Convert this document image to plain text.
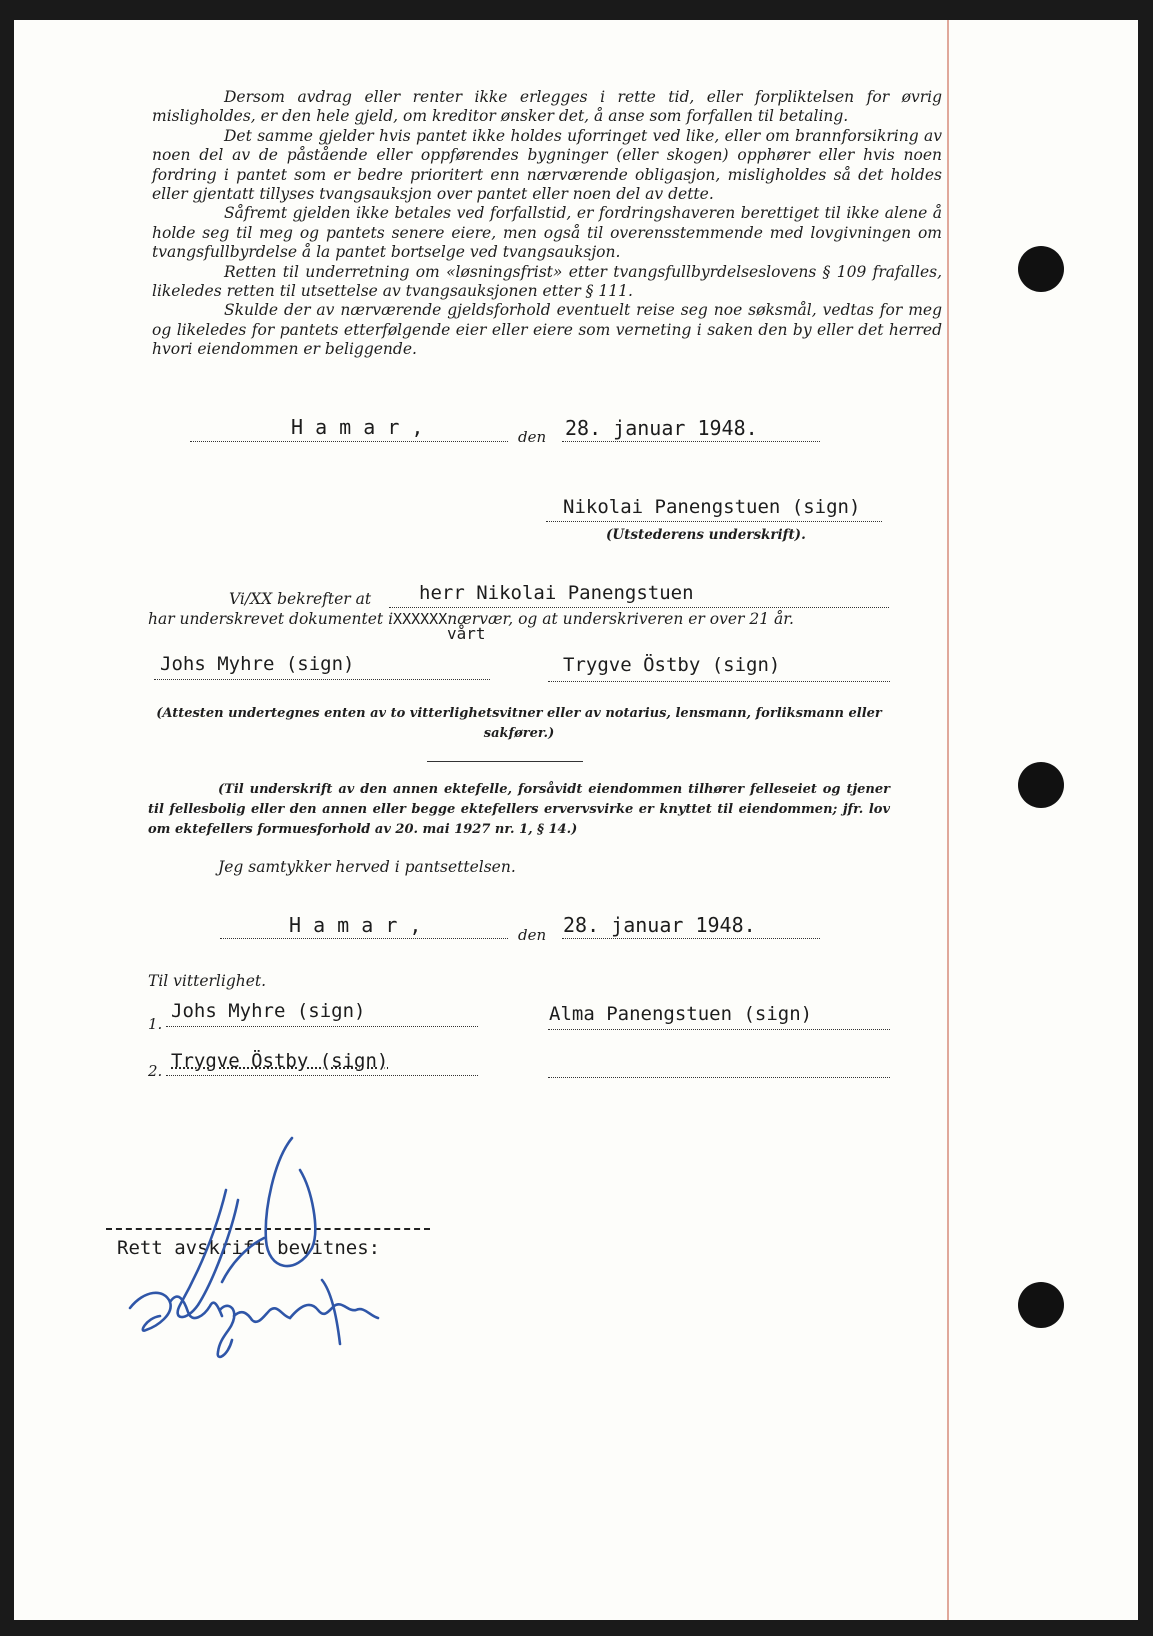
Dersom avdrag eller renter ikke erlegges i rette tid, eller forpliktelsen for øvrig misligholdes, er den hele gjeld, om kreditor ønsker det, å anse som forfallen til betaling.

Det samme gjelder hvis pantet ikke holdes uforringet ved like, eller om brannforsikring av noen del av de påstående eller oppførendes bygninger (eller skogen) opphører eller hvis noen fordring i pantet som er bedre prioritert enn nærværende obligasjon, misligholdes så det holdes eller gjentatt tillyses tvangsauksjon over pantet eller noen del av dette.

Såfremt gjelden ikke betales ved forfallstid, er fordringshaveren berettiget til ikke alene å holde seg til meg og pantets senere eiere, men også til overensstemmende med lovgivningen om tvangsfullbyrdelse å la pantet bortselge ved tvangsauksjon.

Retten til underretning om «løsningsfrist» etter tvangsfullbyrdelseslovens § 109 frafalles, likeledes retten til utsettelse av tvangsauksjonen etter § 111.

Skulde der av nærværende gjeldsforhold eventuelt reise seg noe søksmål, vedtas for meg og likeledes for pantets etterfølgende eier eller eiere som verneting i saken den by eller det herred hvori eiendommen er beliggende.

H a m a r ,	den 28. januar 1948.
Nikolai Panengstuen (sign)
(Utstederens underskrift).
Vi/XX bekrefter at	herr Nikolai Panengstuen
har underskrevet dokumentet iXXXXXXnærvær, og at underskriveren er over 21 år.
vårt
Johs Myhre (sign)	Trygve Östby (sign)
(Attesten undertegnes enten av to vitterlighetsvitner eller av notarius, lensmann, forliksmann eller sakfører.)
(Til underskrift av den annen ektefelle, forsåvidt eiendommen tilhører felleseiet og tjener til fellesbolig eller den annen eller begge ektefellers ervervsvirke er knyttet til eiendommen; jfr. lov om ektefellers formuesforhold av 20. mai 1927 nr. 1, § 14.)
Jeg samtykker herved i pantsettelsen.
H a m a r ,	den 28. januar 1948.
Til vitterlighet.
1.
Johs Myhre (sign)	Alma Panengstuen (sign)
2. Trygve Östby (sign)
Rett avskrift bevitnes:
